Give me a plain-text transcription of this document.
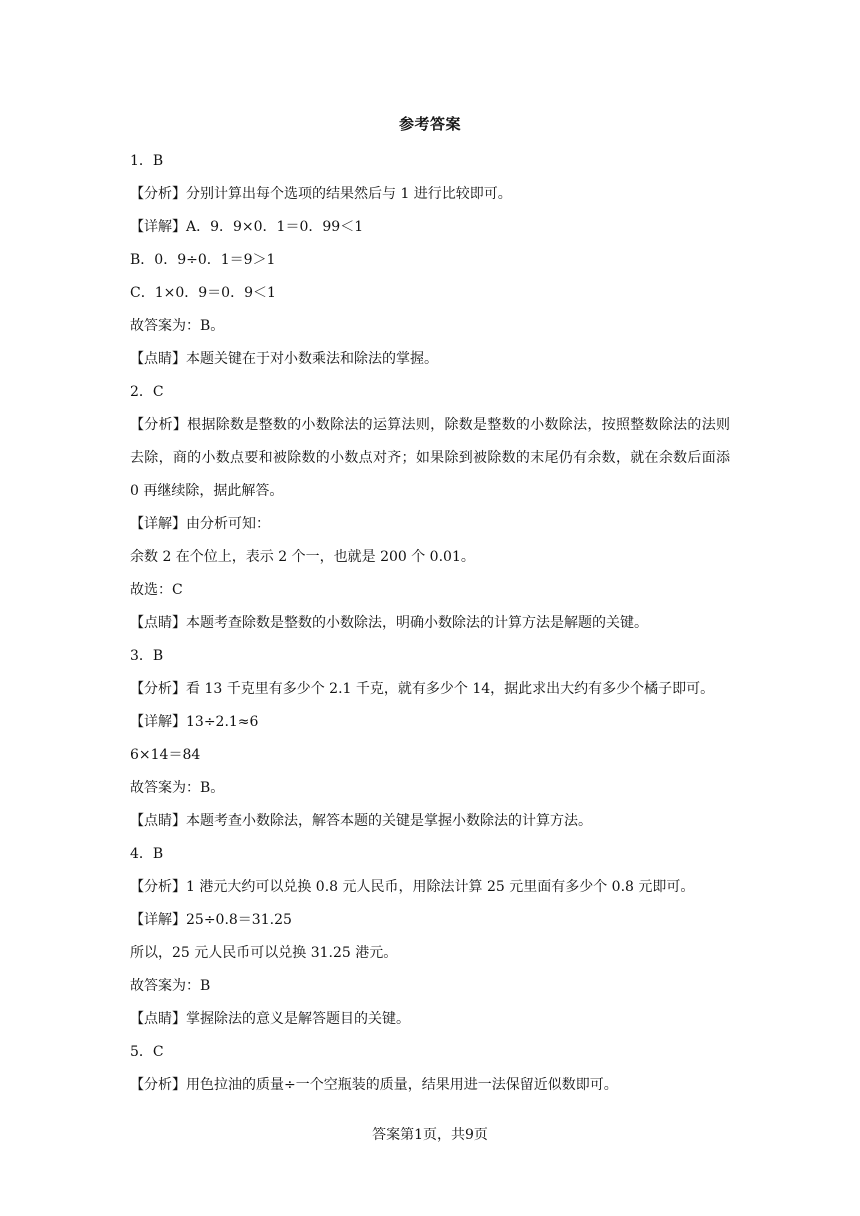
参考答案
1．B
【分析】分别计算出每个选项的结果然后与 1 进行比较即可。
【详解】A．9．9×0．1＝0．99＜1
B．0．9÷0．1＝9＞1
C．1×0．9＝0．9＜1
故答案为：B。
【点睛】本题关键在于对小数乘法和除法的掌握。
2．C
【分析】根据除数是整数的小数除法的运算法则，除数是整数的小数除法，按照整数除法的法则去除，商的小数点要和被除数的小数点对齐；如果除到被除数的末尾仍有余数，就在余数后面添 0 再继续除，据此解答。
【详解】由分析可知：
余数 2 在个位上，表示 2 个一，也就是 200 个 0.01。
故选：C
【点睛】本题考查除数是整数的小数除法，明确小数除法的计算方法是解题的关键。
3．B
【分析】看 13 千克里有多少个 2.1 千克，就有多少个 14，据此求出大约有多少个橘子即可。
【详解】13÷2.1≈6
6×14＝84
故答案为：B。
【点睛】本题考查小数除法，解答本题的关键是掌握小数除法的计算方法。
4．B
【分析】1 港元大约可以兑换 0.8 元人民币，用除法计算 25 元里面有多少个 0.8 元即可。
【详解】25÷0.8＝31.25
所以，25 元人民币可以兑换 31.25 港元。
故答案为：B
【点睛】掌握除法的意义是解答题目的关键。
5．C
【分析】用色拉油的质量÷一个空瓶装的质量，结果用进一法保留近似数即可。
答案第1页，共9页
